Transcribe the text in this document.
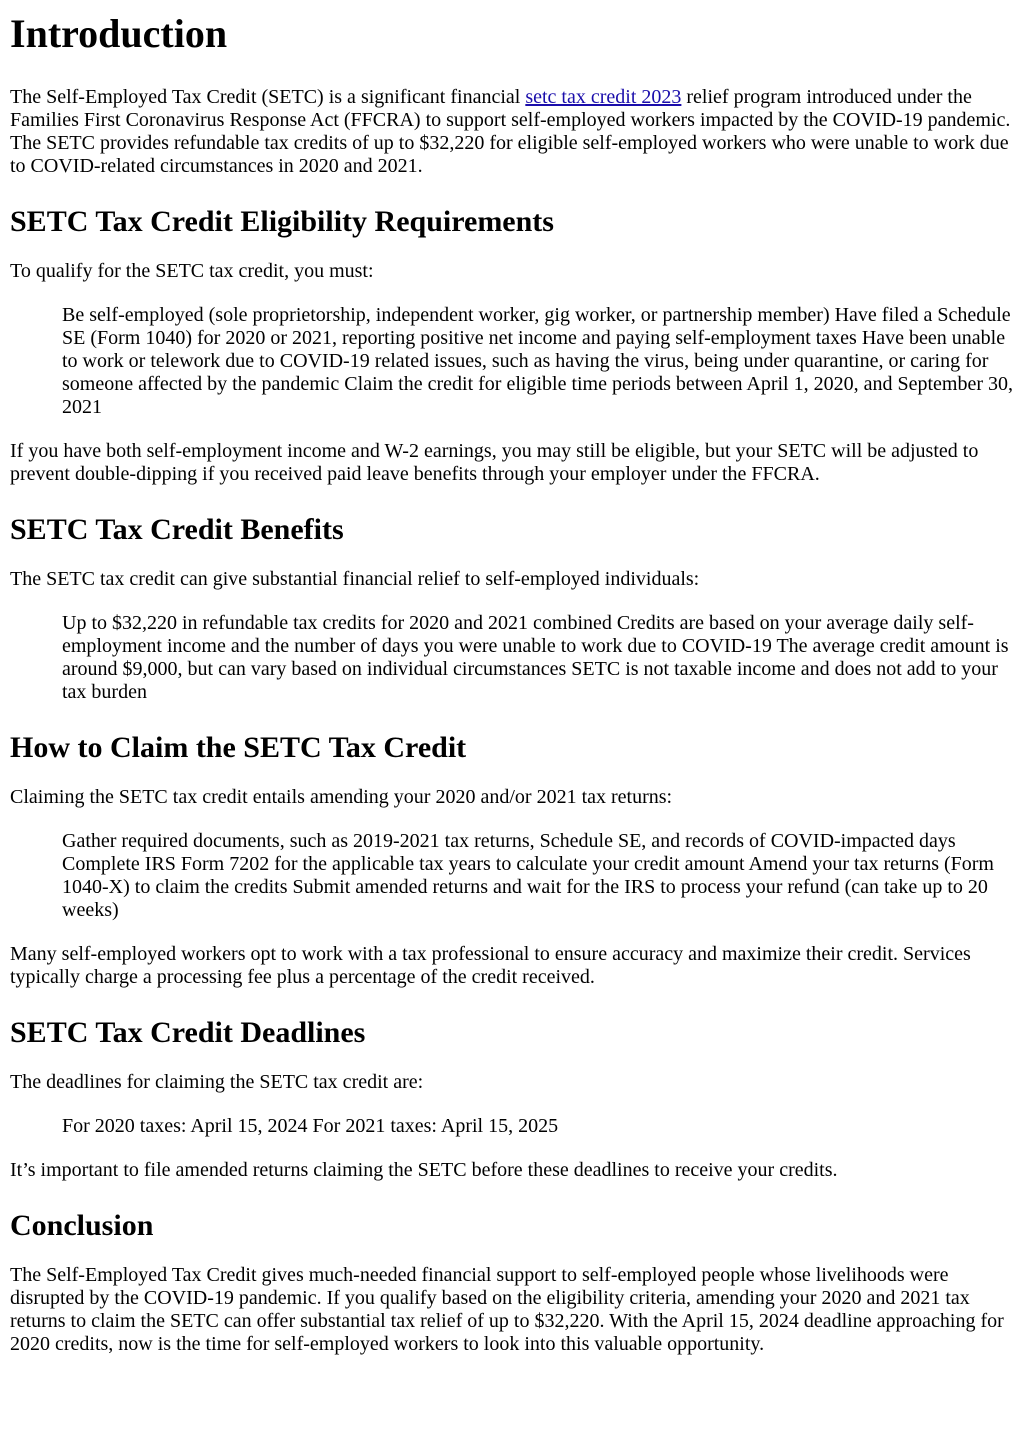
Introduction

The Self-Employed Tax Credit (SETC) is a significant financial setc tax credit 2023 relief program introduced under the Families First Coronavirus Response Act (FFCRA) to support self-employed workers impacted by the COVID-19 pandemic. The SETC provides refundable tax credits of up to $32,220 for eligible self-employed workers who were unable to work due to COVID-related circumstances in 2020 and 2021.

SETC Tax Credit Eligibility Requirements

To qualify for the SETC tax credit, you must:

Be self-employed (sole proprietorship, independent worker, gig worker, or partnership member) Have filed a Schedule SE (Form 1040) for 2020 or 2021, reporting positive net income and paying self-employment taxes Have been unable to work or telework due to COVID-19 related issues, such as having the virus, being under quarantine, or caring for someone affected by the pandemic Claim the credit for eligible time periods between April 1, 2020, and September 30, 2021

If you have both self-employment income and W-2 earnings, you may still be eligible, but your SETC will be adjusted to prevent double-dipping if you received paid leave benefits through your employer under the FFCRA.

SETC Tax Credit Benefits

The SETC tax credit can give substantial financial relief to self-employed individuals:

Up to $32,220 in refundable tax credits for 2020 and 2021 combined Credits are based on your average daily self-employment income and the number of days you were unable to work due to COVID-19 The average credit amount is around $9,000, but can vary based on individual circumstances SETC is not taxable income and does not add to your tax burden
How to Claim the SETC Tax Credit

Claiming the SETC tax credit entails amending your 2020 and/or 2021 tax returns:

Gather required documents, such as 2019-2021 tax returns, Schedule SE, and records of COVID-impacted days Complete IRS Form 7202 for the applicable tax years to calculate your credit amount Amend your tax returns (Form 1040-X) to claim the credits Submit amended returns and wait for the IRS to process your refund (can take up to 20 weeks)

Many self-employed workers opt to work with a tax professional to ensure accuracy and maximize their credit. Services typically charge a processing fee plus a percentage of the credit received.

SETC Tax Credit Deadlines

The deadlines for claiming the SETC tax credit are:

For 2020 taxes: April 15, 2024 For 2021 taxes: April 15, 2025

It’s important to file amended returns claiming the SETC before these deadlines to receive your credits.

Conclusion

The Self-Employed Tax Credit gives much-needed financial support to self-employed people whose livelihoods were disrupted by the COVID-19 pandemic. If you qualify based on the eligibility criteria, amending your 2020 and 2021 tax returns to claim the SETC can offer substantial tax relief of up to $32,220. With the April 15, 2024 deadline approaching for 2020 credits, now is the time for self-employed workers to look into this valuable opportunity.
